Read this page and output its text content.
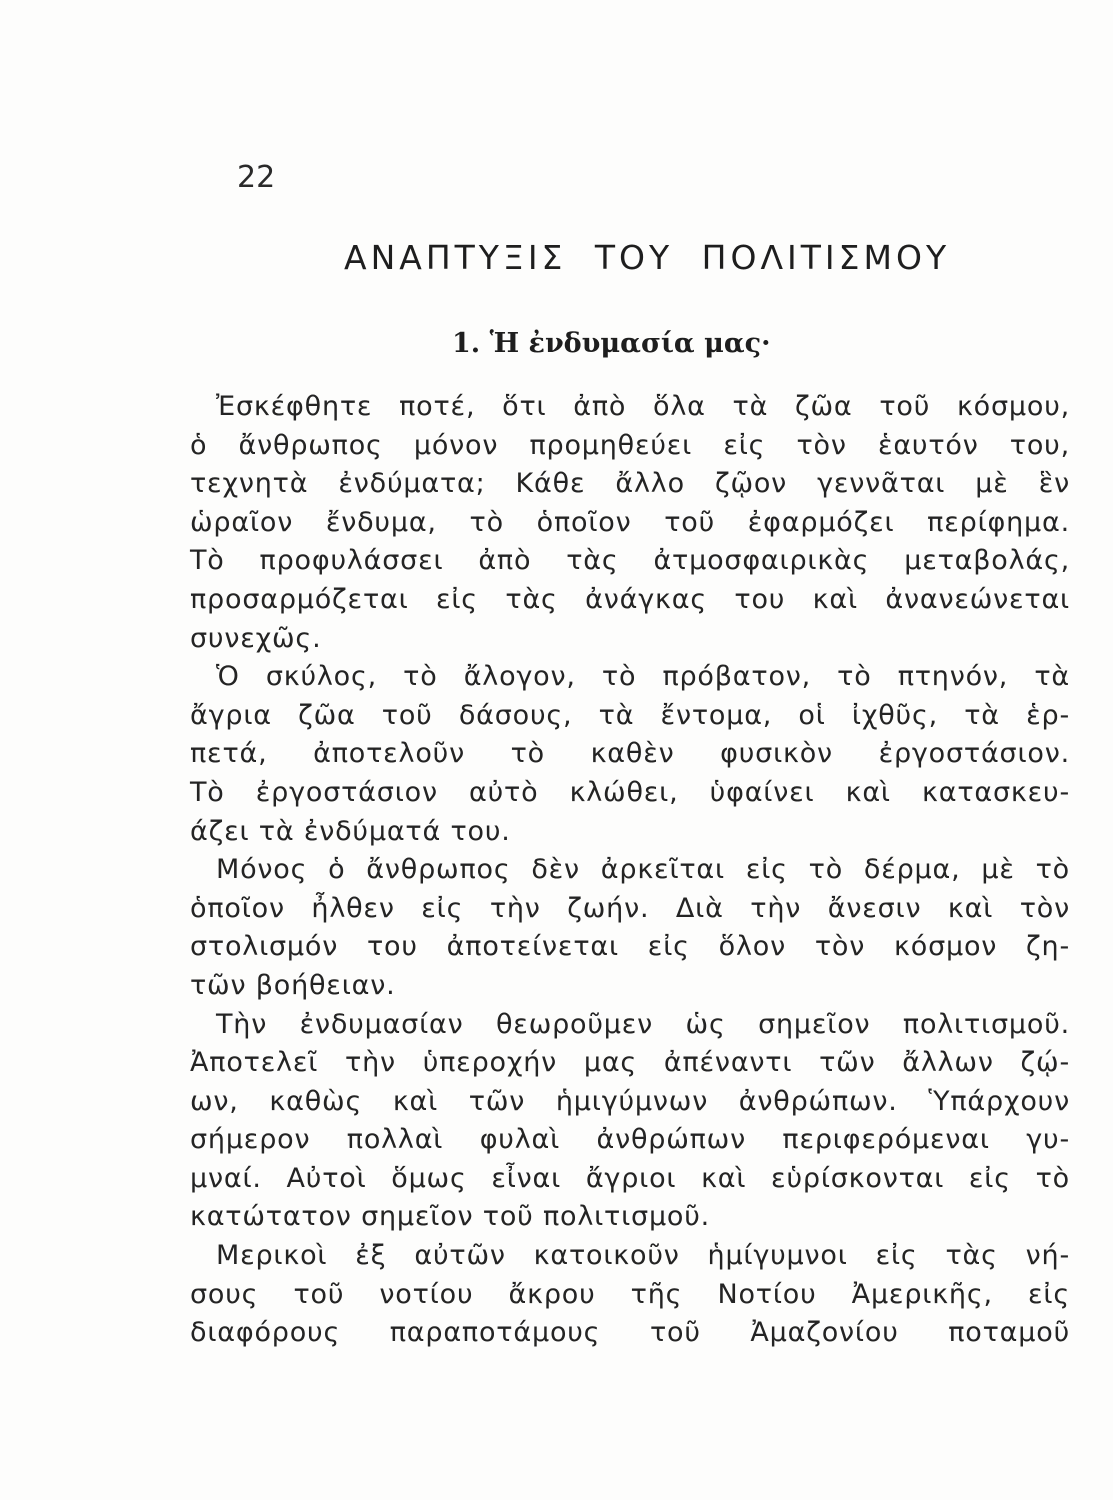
22
ΑΝΑΠΤΥΞΙΣ ΤΟΥ ΠΟΛΙΤΙΣΜΟΥ
1. Ἡ ἐνδυμασία μας·
Ἐσκέφθητε ποτέ, ὅτι ἀπὸ ὅλα τὰ ζῶα τοῦ κόσμου,
ὁ ἄνθρωπος μόνον προμηθεύει εἰς τὸν ἑαυτόν του,
τεχνητὰ ἐνδύματα; Κάθε ἄλλο ζῷον γεννᾶται μὲ ἓν
ὡραῖον ἔνδυμα, τὸ ὁποῖον τοῦ ἐφαρμόζει περίφημα.
Τὸ προφυλάσσει ἀπὸ τὰς ἀτμοσφαιρικὰς μεταβολάς,
προσαρμόζεται εἰς τὰς ἀνάγκας του καὶ ἀνανεώνεται
συνεχῶς.
Ὁ σκύλος, τὸ ἄλογον, τὸ πρόβατον, τὸ πτηνόν, τὰ
ἄγρια ζῶα τοῦ δάσους, τὰ ἔντομα, οἱ ἰχθῦς, τὰ ἑρ-
πετά, ἀποτελοῦν τὸ καθὲν φυσικὸν ἐργοστάσιον.
Τὸ ἐργοστάσιον αὐτὸ κλώθει, ὑφαίνει καὶ κατασκευ-
άζει τὰ ἐνδύματά του.
Μόνος ὁ ἄνθρωπος δὲν ἀρκεῖται εἰς τὸ δέρμα, μὲ τὸ
ὁποῖον ἦλθεν εἰς τὴν ζωήν. Διὰ τὴν ἄνεσιν καὶ τὸν
στολισμόν του ἀποτείνεται εἰς ὅλον τὸν κόσμον ζη-
τῶν βοήθειαν.
Τὴν ἐνδυμασίαν θεωροῦμεν ὡς σημεῖον πολιτισμοῦ.
Ἀποτελεῖ τὴν ὑπεροχήν μας ἀπέναντι τῶν ἄλλων ζῴ-
ων, καθὼς καὶ τῶν ἡμιγύμνων ἀνθρώπων. Ὑπάρχουν
σήμερον πολλαὶ φυλαὶ ἀνθρώπων περιφερόμεναι γυ-
μναί. Αὐτοὶ ὅμως εἶναι ἄγριοι καὶ εὑρίσκονται εἰς τὸ
κατώτατον σημεῖον τοῦ πολιτισμοῦ.
Μερικοὶ ἐξ αὐτῶν κατοικοῦν ἡμίγυμνοι εἰς τὰς νή-
σους τοῦ νοτίου ἄκρου τῆς Νοτίου Ἀμερικῆς, εἰς
διαφόρους παραποτάμους τοῦ Ἀμαζονίου ποταμοῦ
